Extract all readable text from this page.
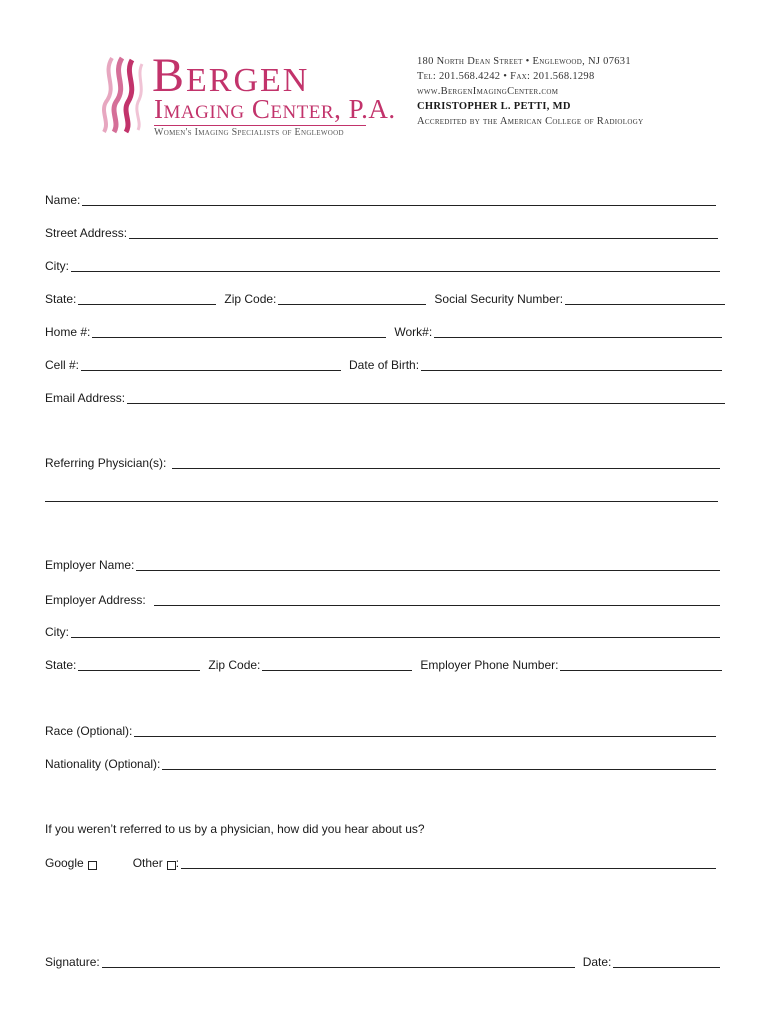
Bergen
Imaging Center, P.A.
Women's Imaging Specialists of Englewood
180 North Dean Street • Englewood, NJ 07631
Tel: 201.568.4242 • Fax: 201.568.1298
www.BergenImagingCenter.com
CHRISTOPHER L. PETTI, MD
Accredited by the American College of Radiology
Name:
Street Address:
City:
State:	Zip Code:	Social Security Number:
Home #:	Work#:
Cell #:	Date of Birth:
Email Address:
Referring Physician(s):
Employer Name:
Employer Address:
City:
State:	Zip Code:	Employer Phone Number:
Race (Optional):
Nationality (Optional):
If you weren’t referred to us by a physician, how did you hear about us?
Google	Other :
Signature:	Date:
